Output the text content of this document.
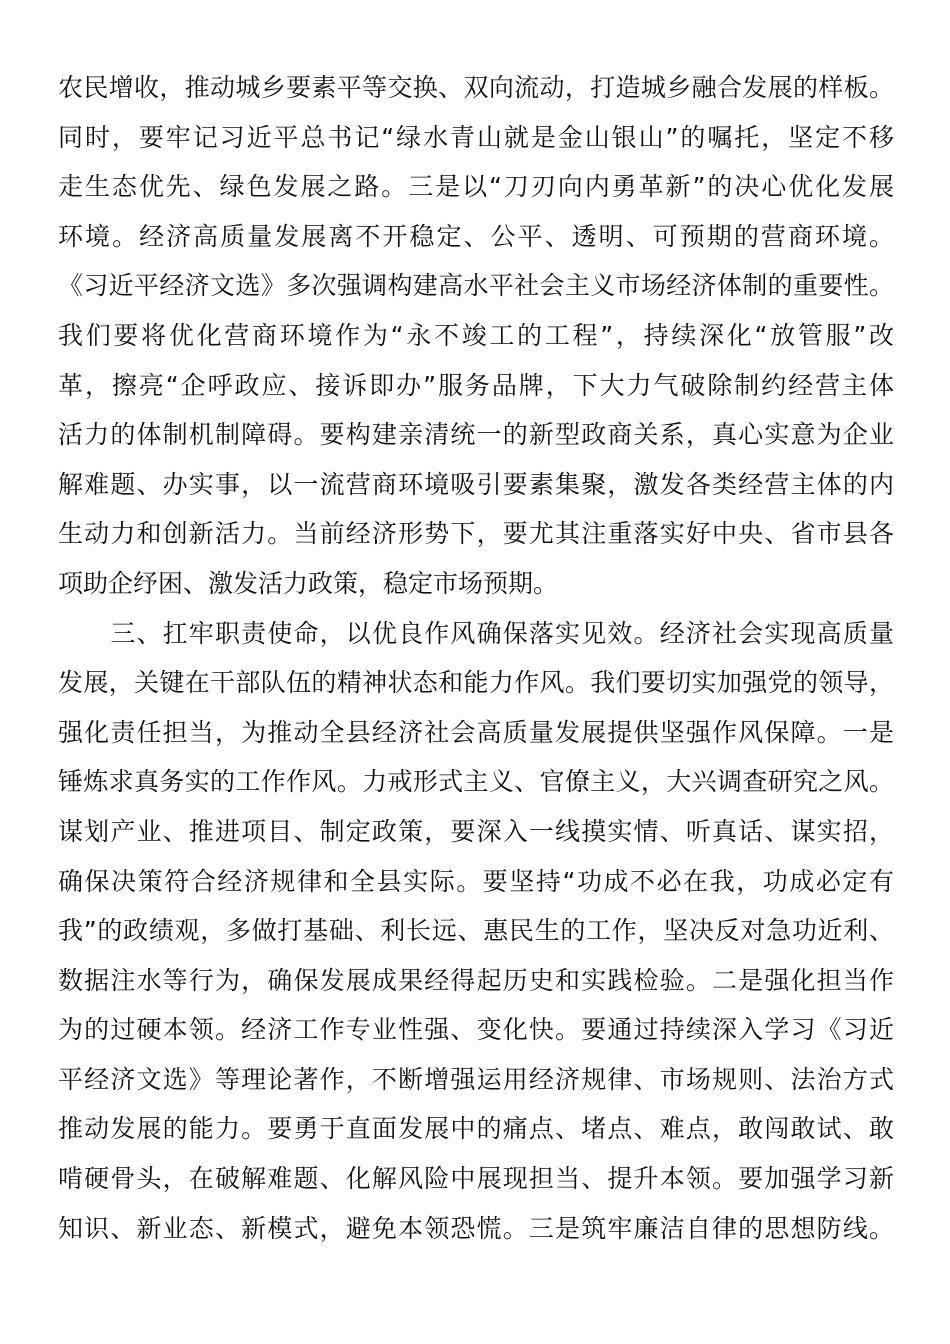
农民增收，推动城乡要素平等交换、双向流动，打造城乡融合发展的样板。
同时，要牢记习近平总书记“绿水青山就是金山银山”的嘱托，坚定不移
走生态优先、绿色发展之路。三是以“刀刃向内勇革新”的决心优化发展
环境。经济高质量发展离不开稳定、公平、透明、可预期的营商环境。
《习近平经济文选》多次强调构建高水平社会主义市场经济体制的重要性。
我们要将优化营商环境作为“永不竣工的工程”，持续深化“放管服”改
革，擦亮“企呼政应、接诉即办”服务品牌，下大力气破除制约经营主体
活力的体制机制障碍。要构建亲清统一的新型政商关系，真心实意为企业
解难题、办实事，以一流营商环境吸引要素集聚，激发各类经营主体的内
生动力和创新活力。当前经济形势下，要尤其注重落实好中央、省市县各
项助企纾困、激发活力政策，稳定市场预期。
　　三、扛牢职责使命，以优良作风确保落实见效。经济社会实现高质量
发展，关键在干部队伍的精神状态和能力作风。我们要切实加强党的领导，
强化责任担当，为推动全县经济社会高质量发展提供坚强作风保障。一是
锤炼求真务实的工作作风。力戒形式主义、官僚主义，大兴调查研究之风。
谋划产业、推进项目、制定政策，要深入一线摸实情、听真话、谋实招，
确保决策符合经济规律和全县实际。要坚持“功成不必在我，功成必定有
我”的政绩观，多做打基础、利长远、惠民生的工作，坚决反对急功近利、
数据注水等行为，确保发展成果经得起历史和实践检验。二是强化担当作
为的过硬本领。经济工作专业性强、变化快。要通过持续深入学习《习近
平经济文选》等理论著作，不断增强运用经济规律、市场规则、法治方式
推动发展的能力。要勇于直面发展中的痛点、堵点、难点，敢闯敢试、敢
啃硬骨头，在破解难题、化解风险中展现担当、提升本领。要加强学习新
知识、新业态、新模式，避免本领恐慌。三是筑牢廉洁自律的思想防线。
